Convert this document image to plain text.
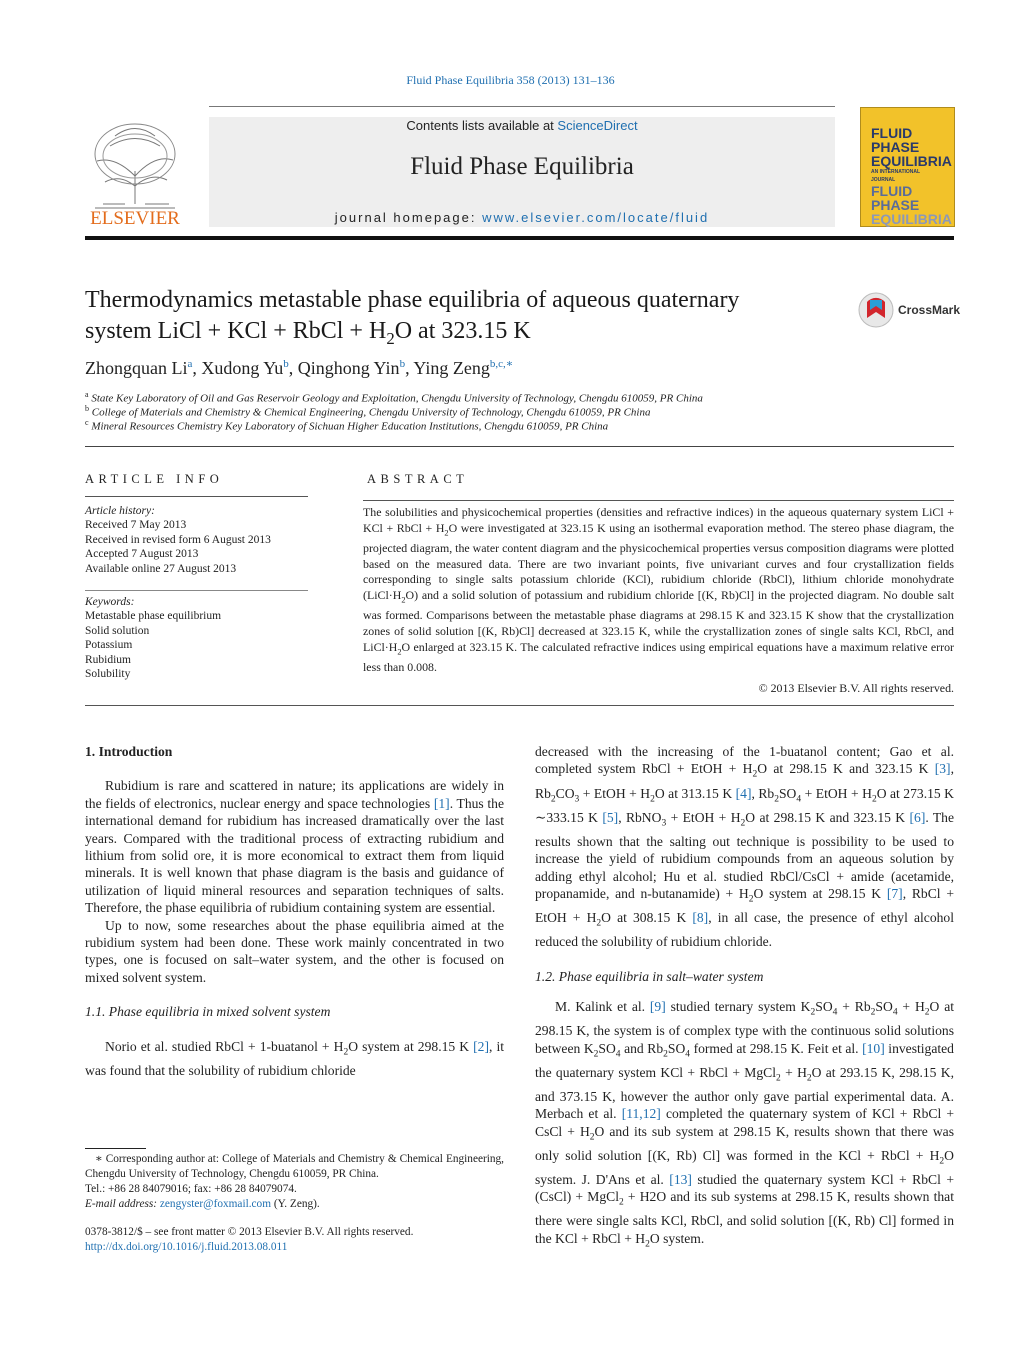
Fluid Phase Equilibria 358 (2013) 131–136
ELSEVIER
Contents lists available at ScienceDirect
Fluid Phase Equilibria
journal homepage: www.elsevier.com/locate/fluid
FLUID PHASE
EQUILIBRIA
AN INTERNATIONAL JOURNAL
FLUID PHASE
EQUILIBRIA
Thermodynamics metastable phase equilibria of aqueous quaternary
system LiCl + KCl + RbCl + $H_2O$ at 323.15 K
CrossMark
Zhongquan Li$^a$, Xudong Yu$^b$, Qinghong Yin$^b$, Ying Zeng$^{b,c,∗}$
$^a$ State Key Laboratory of Oil and Gas Reservoir Geology and Exploitation, Chengdu University of Technology, Chengdu 610059, PR China
$^b$ College of Materials and Chemistry & Chemical Engineering, Chengdu University of Technology, Chengdu 610059, PR China
$^c$ Mineral Resources Chemistry Key Laboratory of Sichuan Higher Education Institutions, Chengdu 610059, PR China
ARTICLE INFO	ABSTRACT
Article history:
Received 7 May 2013
Received in revised form 6 August 2013
Accepted 7 August 2013
Available online 27 August 2013
Keywords:
Metastable phase equilibrium
Solid solution
Potassium
Rubidium
Solubility
The solubilities and physicochemical properties (densities and refractive indices) in the aqueous quaternary system LiCl + KCl + RbCl + $H_2O$ were investigated at 323.15 K using an isothermal evaporation method. The stereo phase diagram, the projected diagram, the water content diagram and the physicochemical properties versus composition diagrams were plotted based on the measured data. There are two invariant points, five univariant curves and four crystallization fields corresponding to single salts potassium chloride (KCl), rubidium chloride (RbCl), lithium chloride monohydrate $(LiCl\cdot H_2O)$ and a solid solution of potassium and rubidium chloride [(K, Rb)Cl] in the projected diagram. No double salt was formed. Comparisons between the metastable phase diagrams at 298.15 K and 323.15 K show that the crystallization zones of solid solution [(K, Rb)Cl] decreased at 323.15 K, while the crystallization zones of single salts KCl, RbCl, and $LiCl\cdot H_2O$ enlarged at 323.15 K. The calculated refractive indices using empirical equations have a maximum relative error less than 0.008.
© 2013 Elsevier B.V. All rights reserved.

1. Introduction

Rubidium is rare and scattered in nature; its applications are widely in the fields of electronics, nuclear energy and space technologies [1]. Thus the international demand for rubidium has increased dramatically over the last years. Compared with the traditional process of extracting rubidium and lithium from solid ore, it is more economical to extract them from liquid minerals. It is well known that phase diagram is the basis and guidance of utilization of liquid mineral resources and separation techniques of salts. Therefore, the phase equilibria of rubidium containing system are essential.

Up to now, some researches about the phase equilibria aimed at the rubidium system had been done. These work mainly concentrated in two types, one is focused on salt–water system, and the other is focused on mixed solvent system.

1.1. Phase equilibria in mixed solvent system

Norio et al. studied RbCl + 1-buatanol + $H_2O$ system at 298.15 K [2], it was found that the solubility of rubidium chloride

decreased with the increasing of the 1-buatanol content; Gao et al. completed system RbCl + EtOH + $H_2O$ at 298.15 K and 323.15 K [3], $Rb_2CO_3$ + EtOH + $H_2O$ at 313.15 K [4], $Rb_2SO_4$ + EtOH + $H_2O$ at 273.15 K ∼333.15 K [5], RbNO$_3$ + EtOH + $H_2O$ at 298.15 K and 323.15 K [6]. The results shown that the salting out technique is possibility to be used to increase the yield of rubidium compounds from an aqueous solution by adding ethyl alcohol; Hu et al. studied RbCl/CsCl + amide (acetamide, propanamide, and n-butanamide) + $H_2O$ system at 298.15 K [7], RbCl + EtOH + $H_2O$ at 308.15 K [8], in all case, the presence of ethyl alcohol reduced the solubility of rubidium chloride.

1.2. Phase equilibria in salt–water system

M. Kalink et al. [9] studied ternary system $K_2SO_4 + Rb_2SO_4 + H_2O$ at 298.15 K, the system is of complex type with the continuous solid solutions between $K_2SO_4$ and $Rb_2SO_4$ formed at 298.15 K. Feit et al. [10] investigated the quaternary system KCl + RbCl + MgCl$_2$ + $H_2O$ at 293.15 K, 298.15 K, and 373.15 K, however the author only gave partial experimental data. A. Merbach et al. [11,12] completed the quaternary system of KCl + RbCl + CsCl + $H_2O$ and its sub system at 298.15 K, results shown that there was only solid solution [(K, Rb) Cl] was formed in the KCl + RbCl + $H_2O$ system. J. D'Ans et al. [13] studied the quaternary system KCl + RbCl + (CsCl) + MgCl$_2$ + H2O and its sub systems at 298.15 K, results shown that there were single salts KCl, RbCl, and solid solution [(K, Rb) Cl] formed in the KCl + RbCl + $H_2O$ system.

∗ Corresponding author at: College of Materials and Chemistry & Chemical Engineering, Chengdu University of Technology, Chengdu 610059, PR China.
Tel.: +86 28 84079016; fax: +86 28 84079074.
E-mail address: zengyster@foxmail.com (Y. Zeng).
0378-3812/$ – see front matter © 2013 Elsevier B.V. All rights reserved.
http://dx.doi.org/10.1016/j.fluid.2013.08.011
